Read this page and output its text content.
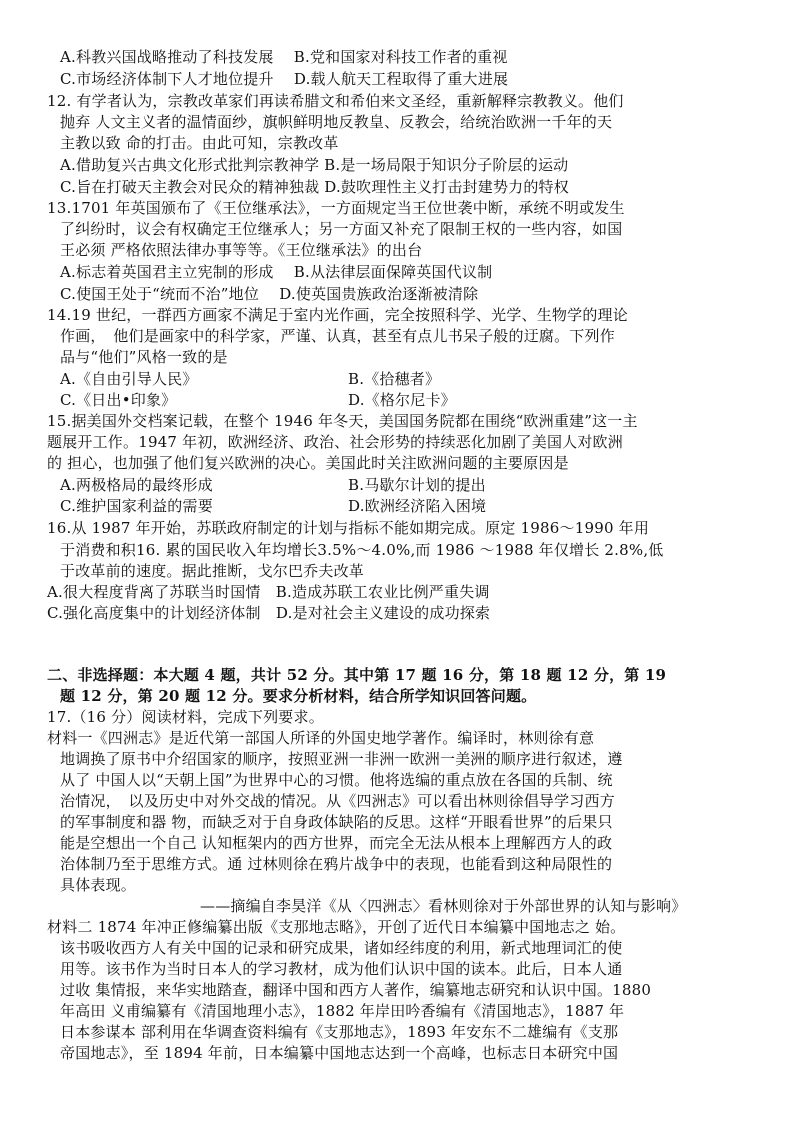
A.科教兴国战略推动了科技发展　 B.党和国家对科技工作者的重视
C.市场经济体制下人才地位提升　 D.载人航天工程取得了重大进展
12. 有学者认为，宗教改革家们再读希腊文和希伯来文圣经，重新解释宗教教义。他们
抛弃 人文主义者的温情面纱，旗帜鲜明地反教皇、反教会，给统治欧洲一千年的天
主教以致 命的打击。由此可知，宗教改革
A.借助复兴古典文化形式批判宗教神学 B.是一场局限于知识分子阶层的运动
C.旨在打破天主教会对民众的精神独裁 D.鼓吹理性主义打击封建势力的特权
13.1701 年英国颁布了《王位继承法》，一方面规定当王位世袭中断，承统不明或发生
了纠纷时，议会有权确定王位继承人；另一方面又补充了限制王权的一些内容，如国
王必须 严格依照法律办事等等。《王位继承法》的出台
A.标志着英国君主立宪制的形成　 B.从法律层面保障英国代议制
C.使国王处于“统而不治”地位　 D.使英国贵族政治逐渐被清除
14.19 世纪，一群西方画家不满足于室内光作画，完全按照科学、光学、生物学的理论
作画，　他们是画家中的科学家，严谨、认真，甚至有点儿书呆子般的迂腐。下列作
品与“他们”风格一致的是
A.《自由引导人民》	B.《拾穗者》
C.《日出•印象》	D.《格尔尼卡》
15.据美国外交档案记载，在整个 1946 年冬天，美国国务院都在围绕“欧洲重建”这一主
题展开工作。1947 年初，欧洲经济、政治、社会形势的持续恶化加剧了美国人对欧洲
的 担心，也加强了他们复兴欧洲的决心。美国此时关注欧洲问题的主要原因是
A.两极格局的最终形成	B.马歇尔计划的提出
C.维护国家利益的需要	D.欧洲经济陷入困境
16.从 1987 年开始，苏联政府制定的计划与指标不能如期完成。原定 1986～1990 年用
于消费和积16. 累的国民收入年均增长3.5%～4.0%,而 1986 ～1988 年仅增长 2.8%,低
于改革前的速度。据此推断，戈尔巴乔夫改革
A.很大程度背离了苏联当时国情　B.造成苏联工农业比例严重失调
C.强化高度集中的计划经济体制　D.是对社会主义建设的成功探索
二、非选择题：本大题 4 题，共计 52 分。其中第 17 题 16 分，第 18 题 12 分，第 19
题 12 分，第 20 题 12 分。要求分析材料，结合所学知识回答问题。
17.（16 分）阅读材料，完成下列要求。
材料一《四洲志》是近代第一部国人所译的外国史地学著作。编译时，林则徐有意
地调换了原书中介绍国家的顺序，按照亚洲一非洲一欧洲一美洲的顺序进行叙述，遵
从了 中国人以“天朝上国”为世界中心的习惯。他将选编的重点放在各国的兵制、统
治情况，　以及历史中对外交战的情况。从《四洲志》可以看出林则徐倡导学习西方
的军事制度和器 物，而缺乏对于自身政体缺陷的反思。这样“开眼看世界”的后果只
能是空想出一个自己 认知框架内的西方世界，而完全无法从根本上理解西方人的政
治体制乃至于思维方式。通 过林则徐在鸦片战争中的表现，也能看到这种局限性的
具体表现。
——摘编自李昊洋《从〈四洲志〉看林则徐对于外部世界的认知与影响》
材料二 1874 年冲正修编纂出版《支那地志略》，开创了近代日本编纂中国地志之 始。
该书吸收西方人有关中国的记录和研究成果，诸如经纬度的利用，新式地理词汇的使
用等。该书作为当时日本人的学习教材，成为他们认识中国的读本。此后，日本人通
过收 集情报，来华实地踏查，翻译中国和西方人著作，编纂地志研究和认识中国。1880
年高田 义甫编纂有《清国地理小志》，1882 年岸田吟香编有《清国地志》，1887 年
日本参谋本 部利用在华调查资料编有《支那地志》，1893 年安东不二雄编有《支那
帝国地志》，至 1894 年前，日本编纂中国地志达到一个高峰，也标志日本研究中国
